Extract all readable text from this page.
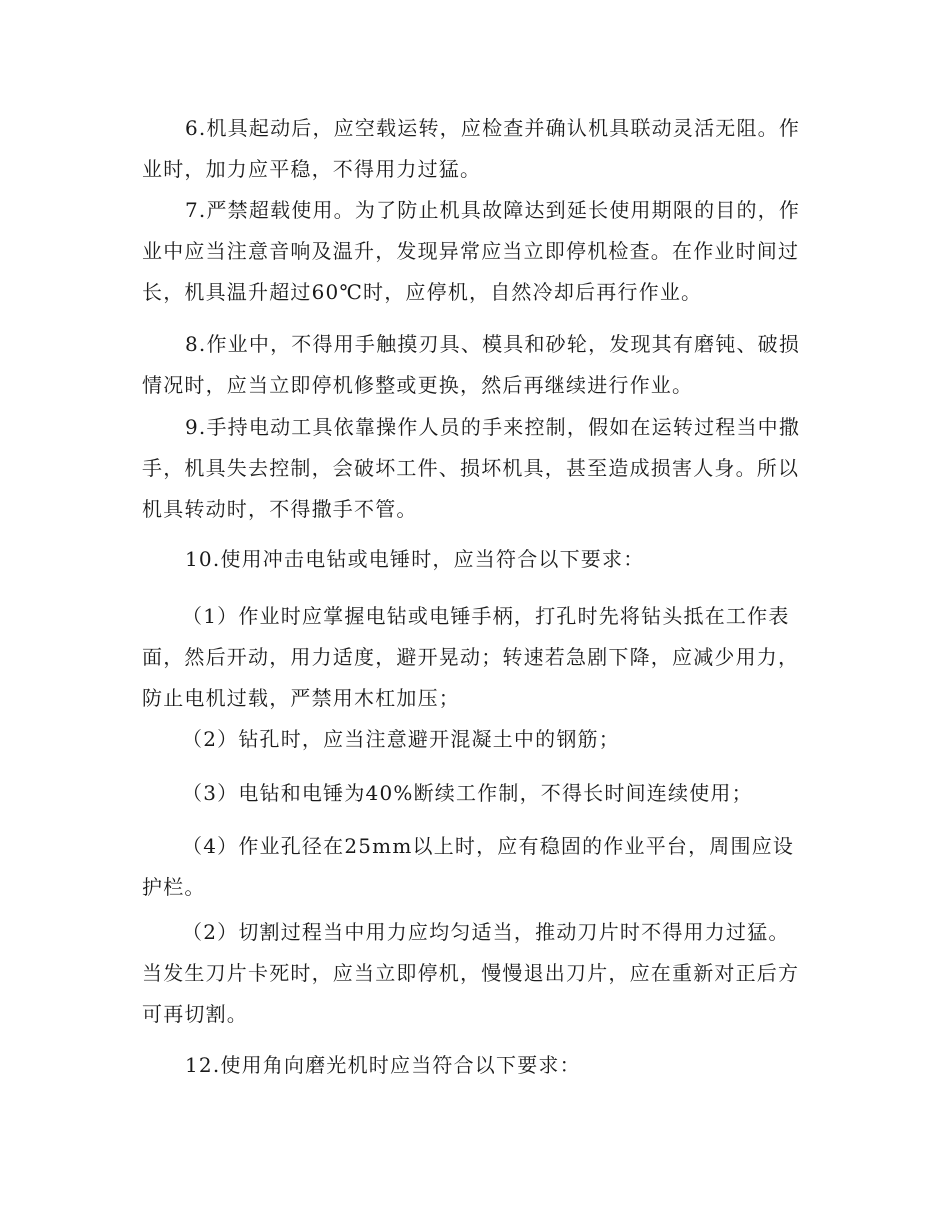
6.机具起动后，应空载运转，应检查并确认机具联动灵活无阻。作业时，加力应平稳，不得用力过猛。

7.严禁超载使用。为了防止机具故障达到延长使用期限的目的，作业中应当注意音响及温升，发现异常应当立即停机检查。在作业时间过长，机具温升超过60℃时，应停机，自然冷却后再行作业。

8.作业中，不得用手触摸刃具、模具和砂轮，发现其有磨钝、破损情况时，应当立即停机修整或更换，然后再继续进行作业。

9.手持电动工具依靠操作人员的手来控制，假如在运转过程当中撒手，机具失去控制，会破坏工件、损坏机具，甚至造成损害人身。所以机具转动时，不得撒手不管。

10.使用冲击电钻或电锤时，应当符合以下要求：

（1）作业时应掌握电钻或电锤手柄，打孔时先将钻头抵在工作表面，然后开动，用力适度，避开晃动；转速若急剧下降，应减少用力，防止电机过载，严禁用木杠加压；

（2）钻孔时，应当注意避开混凝土中的钢筋；

（3）电钻和电锤为40%断续工作制，不得长时间连续使用；

（4）作业孔径在25mm以上时，应有稳固的作业平台，周围应设护栏。

（2）切割过程当中用力应均匀适当，推动刀片时不得用力过猛。当发生刀片卡死时，应当立即停机，慢慢退出刀片，应在重新对正后方可再切割。

12.使用角向磨光机时应当符合以下要求：
